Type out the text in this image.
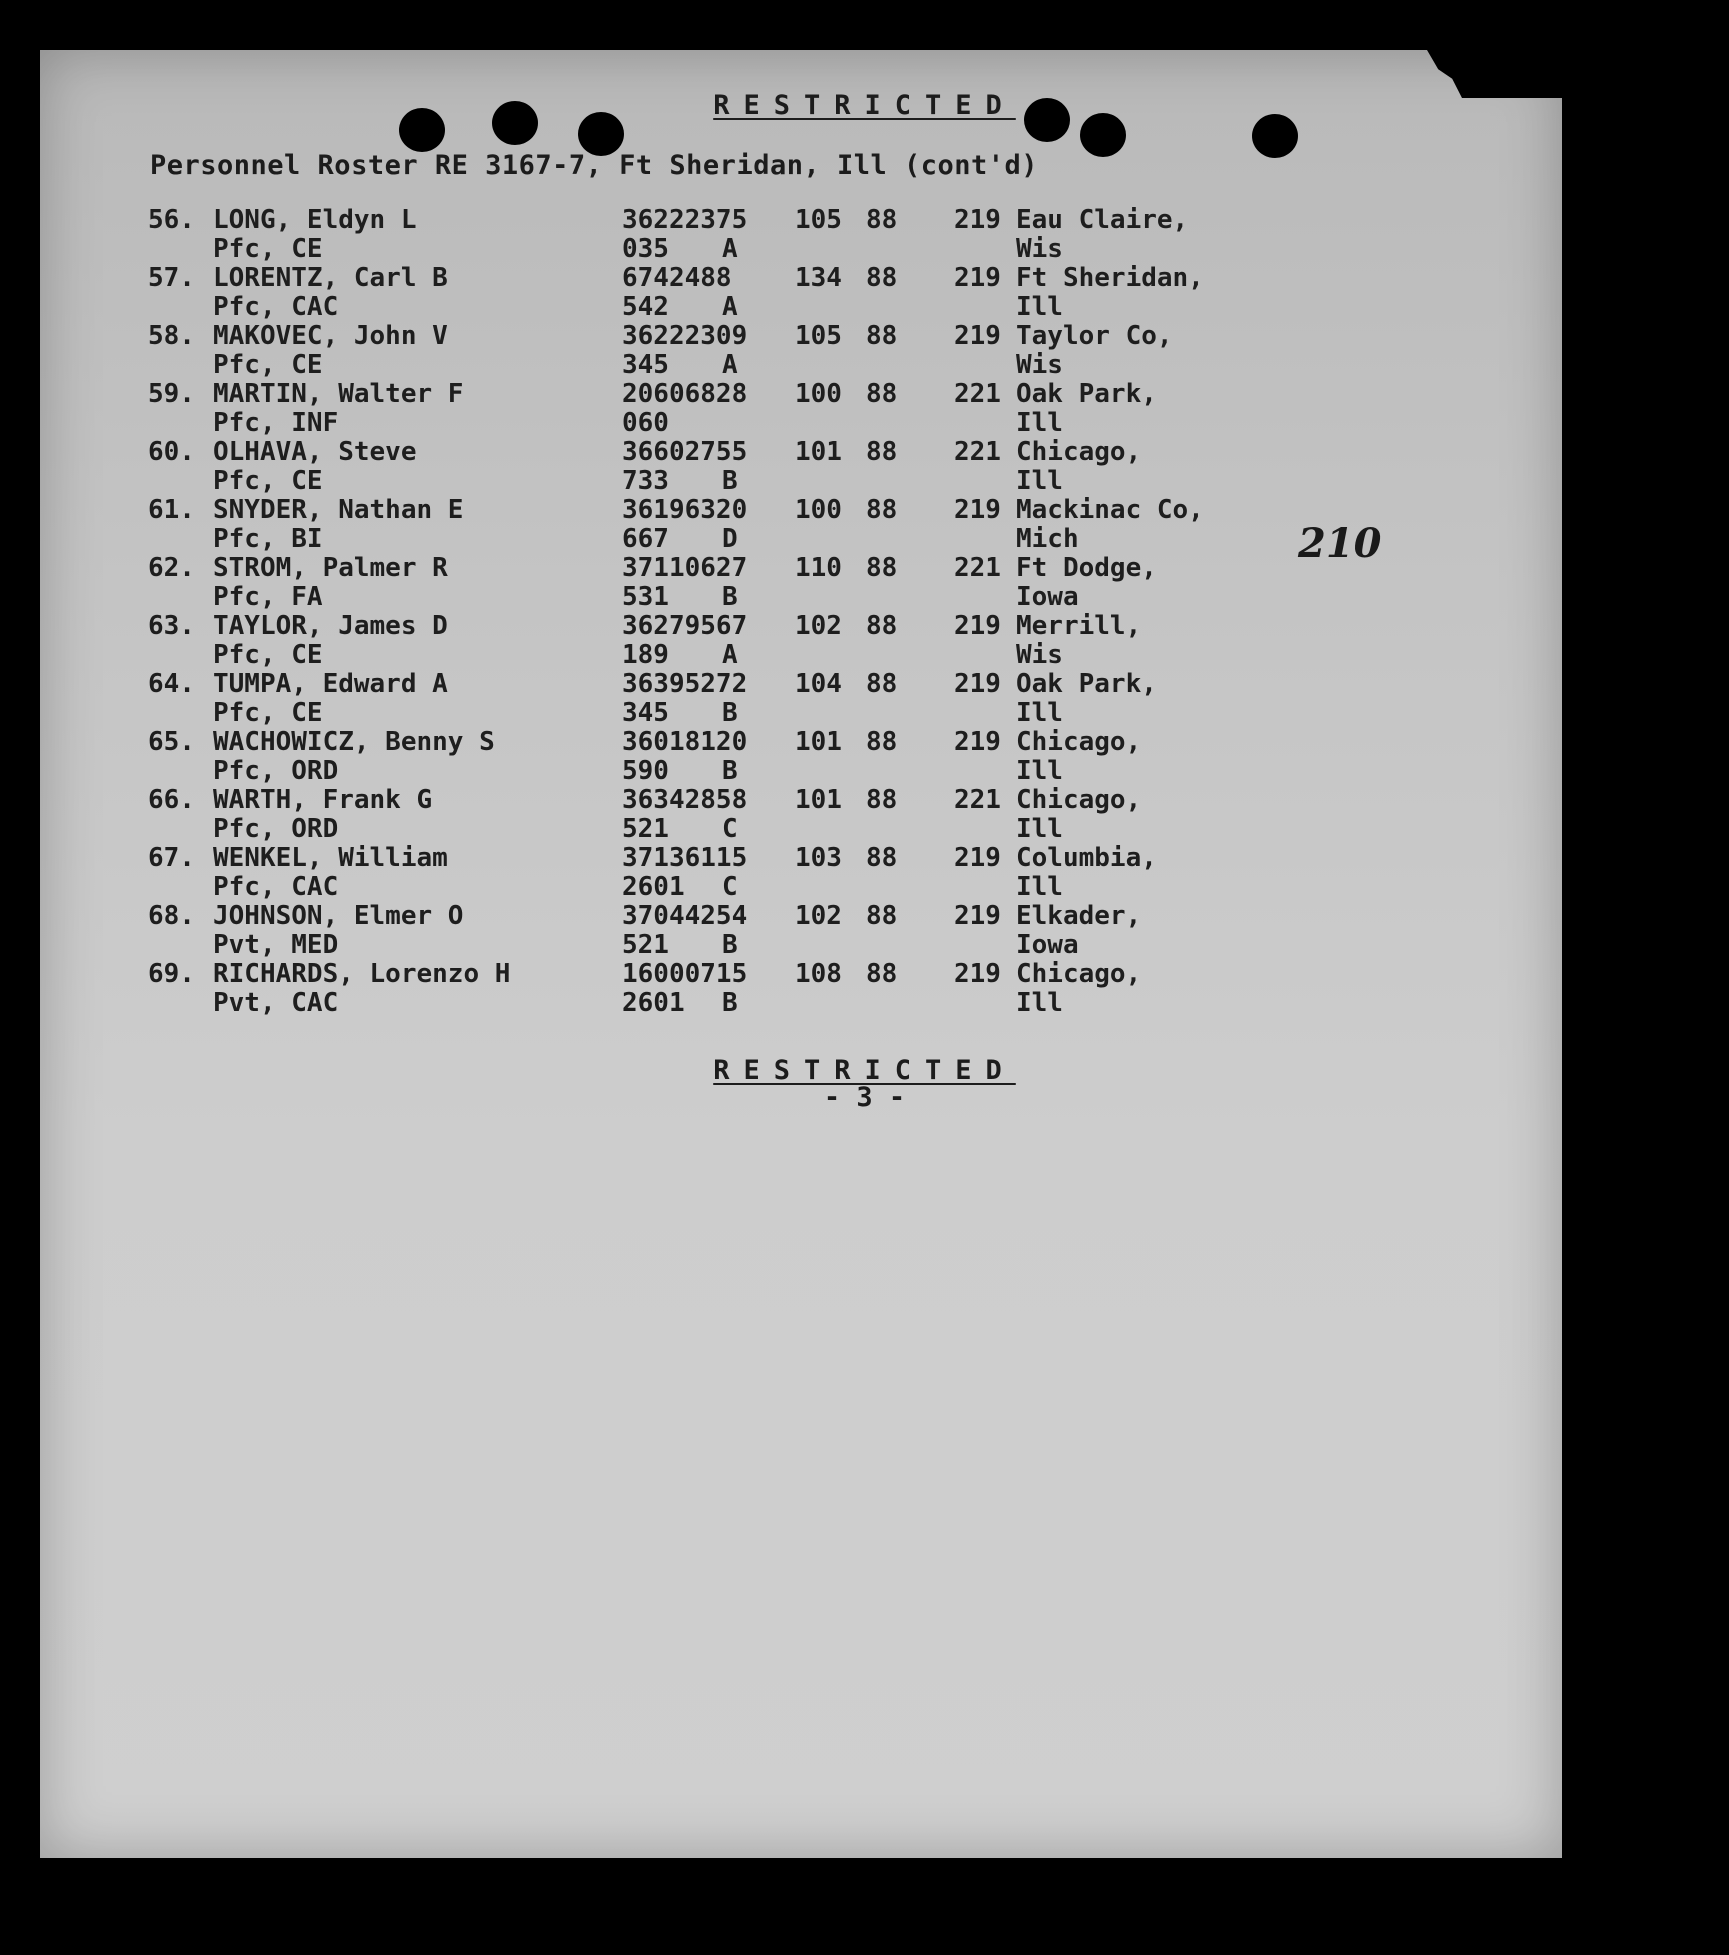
RESTRICTED
Personnel Roster RE 3167-7, Ft Sheridan, Ill (cont'd)
56. LONG, Eldyn L	36222375 105 88 219 Eau Claire,
Pfc, CE	035 A	Wis
57. LORENTZ, Carl B	6742488 134 88 219 Ft Sheridan,
Pfc, CAC	542 A	Ill
58. MAKOVEC, John V	36222309 105 88 219 Taylor Co,
Pfc, CE	345 A	Wis
59. MARTIN, Walter F	20606828 100 88 221 Oak Park,
Pfc, INF	060	Ill
60. OLHAVA, Steve	36602755 101 88 221 Chicago,
Pfc, CE	733 B	Ill
61. SNYDER, Nathan E	36196320 100 88 219 Mackinac Co,
Pfc, BI	667 D	Mich
62. STROM, Palmer R	37110627 110 88 221 Ft Dodge,
Pfc, FA	531 B	Iowa
63. TAYLOR, James D	36279567 102 88 219 Merrill,
Pfc, CE	189 A	Wis
64. TUMPA, Edward A	36395272 104 88 219 Oak Park,
Pfc, CE	345 B	Ill
65. WACHOWICZ, Benny S	36018120 101 88 219 Chicago,
Pfc, ORD	590 B	Ill
66. WARTH, Frank G	36342858 101 88 221 Chicago,
Pfc, ORD	521 C	Ill
67. WENKEL, William	37136115 103 88 219 Columbia,
Pfc, CAC	2601 C	Ill
68. JOHNSON, Elmer O	37044254 102 88 219 Elkader,
Pvt, MED	521 B	Iowa
69. RICHARDS, Lorenzo H	16000715 108 88 219 Chicago,
Pvt, CAC	2601 B	Ill
210
RESTRICTED
- 3 -
